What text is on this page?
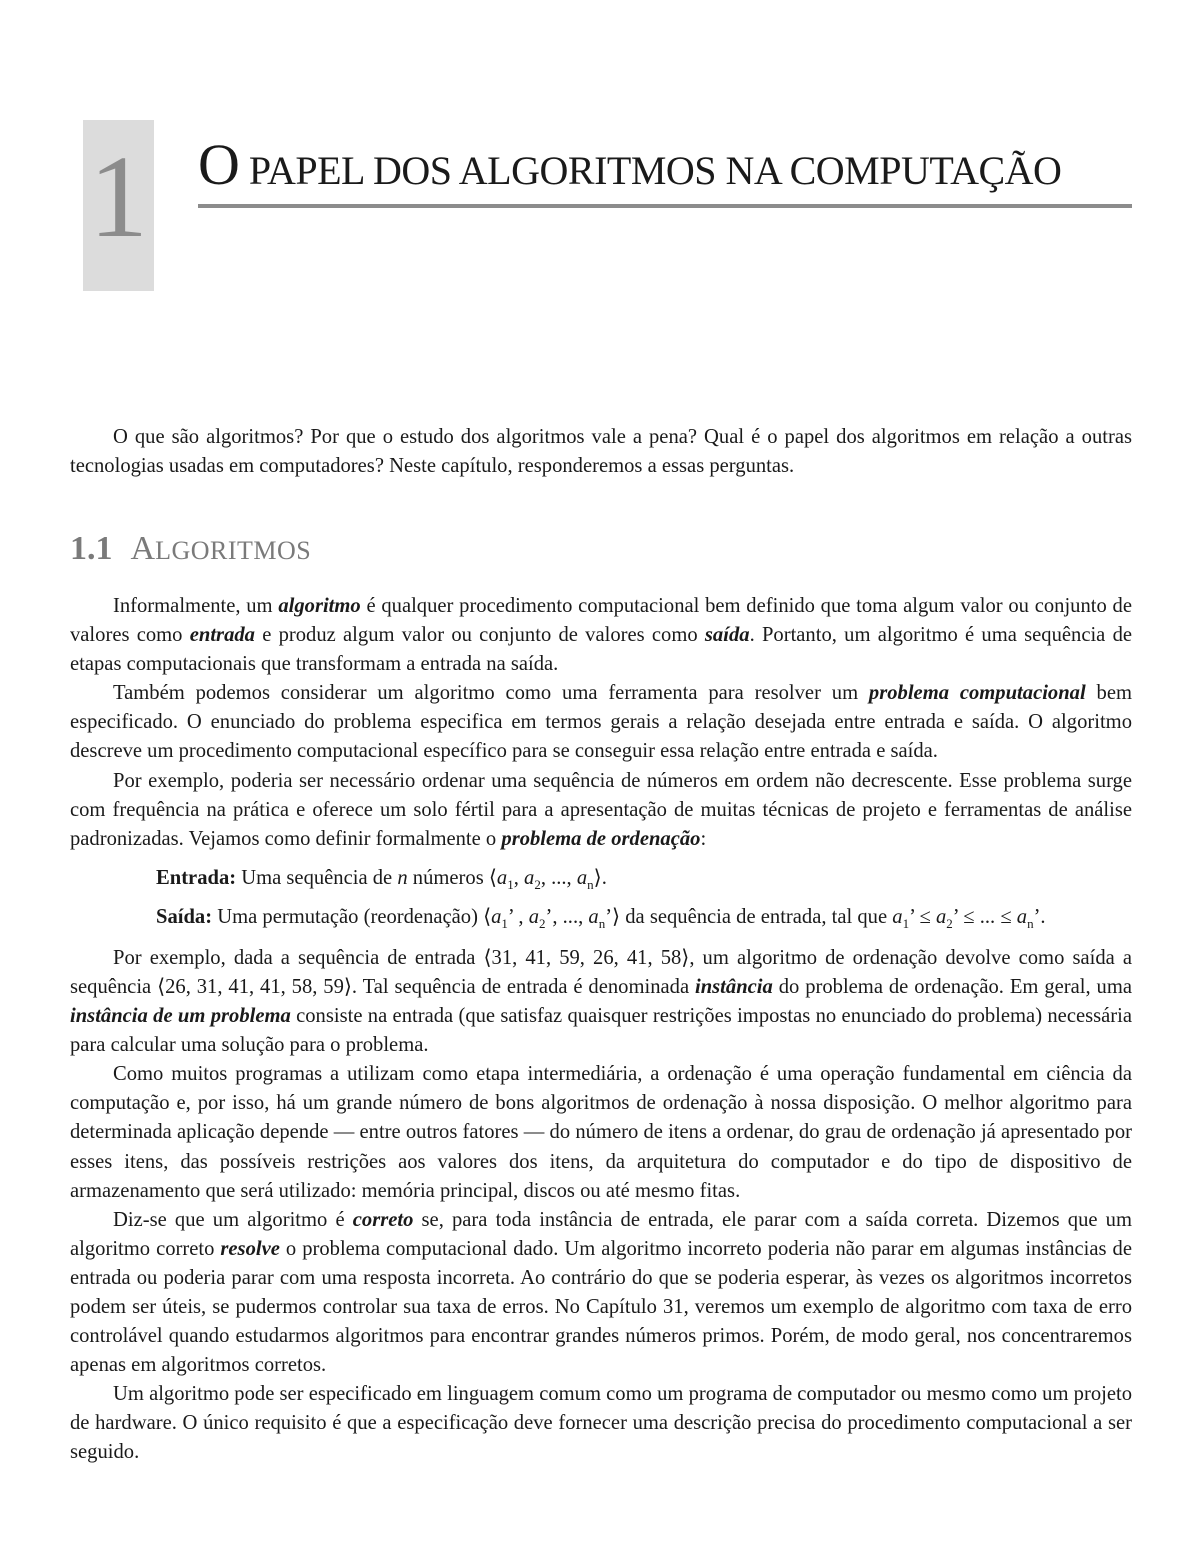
1 O PAPEL DOS ALGORITMOS NA COMPUTAÇÃO

O que são algoritmos? Por que o estudo dos algoritmos vale a pena? Qual é o papel dos algoritmos em relação a outras tecnologias usadas em computadores? Neste capítulo, responderemos a essas perguntas.

1.1 ALGORITMOS

Informalmente, um algoritmo é qualquer procedimento computacional bem definido que toma algum valor ou conjunto de valores como entrada e produz algum valor ou conjunto de valores como saída. Portanto, um algoritmo é uma sequência de etapas computacionais que transformam a entrada na saída.

Também podemos considerar um algoritmo como uma ferramenta para resolver um problema computacional bem especificado. O enunciado do problema especifica em termos gerais a relação desejada entre entrada e saída. O algoritmo descreve um procedimento computacional específico para se conseguir essa relação entre entrada e saída.

Por exemplo, poderia ser necessário ordenar uma sequência de números em ordem não decrescente. Esse problema surge com frequência na prática e oferece um solo fértil para a apresentação de muitas técnicas de projeto e ferramentas de análise padronizadas. Vejamos como definir formalmente o problema de ordenação:

Entrada: Uma sequência de n números $⟨a_1$, $a_2$, ..., $a_n⟩$.

Saída: Uma permutação (reordenação) $⟨a_1$’ , $a_2$’, ..., $a_n’⟩$ da sequência de entrada, tal que $a_1$’ ≤ $a_2$’ ≤ ... ≤ $a_n$’.

Por exemplo, dada a sequência de entrada ⟨31, 41, 59, 26, 41, 58⟩, um algoritmo de ordenação devolve como saída a sequência ⟨26, 31, 41, 41, 58, 59⟩. Tal sequência de entrada é denominada instância do problema de ordenação. Em geral, uma instância de um problema consiste na entrada (que satisfaz quaisquer restrições impostas no enunciado do problema) necessária para calcular uma solução para o problema.

Como muitos programas a utilizam como etapa intermediária, a ordenação é uma operação fundamental em ciência da computação e, por isso, há um grande número de bons algoritmos de ordenação à nossa disposição. O melhor algoritmo para determinada aplicação depende — entre outros fatores — do número de itens a ordenar, do grau de ordenação já apresentado por esses itens, das possíveis restrições aos valores dos itens, da arquitetura do computador e do tipo de dispositivo de armazenamento que será utilizado: memória principal, discos ou até mesmo fitas.

Diz-se que um algoritmo é correto se, para toda instância de entrada, ele parar com a saída correta. Dizemos que um algoritmo correto resolve o problema computacional dado. Um algoritmo incorreto poderia não parar em algumas instâncias de entrada ou poderia parar com uma resposta incorreta. Ao contrário do que se poderia esperar, às vezes os algoritmos incorretos podem ser úteis, se pudermos controlar sua taxa de erros. No Capítulo 31, veremos um exemplo de algoritmo com taxa de erro controlável quando estudarmos algoritmos para encontrar grandes números primos. Porém, de modo geral, nos concentraremos apenas em algoritmos corretos.

Um algoritmo pode ser especificado em linguagem comum como um programa de computador ou mesmo como um projeto de hardware. O único requisito é que a especificação deve fornecer uma descrição precisa do procedimento computacional a ser seguido.
